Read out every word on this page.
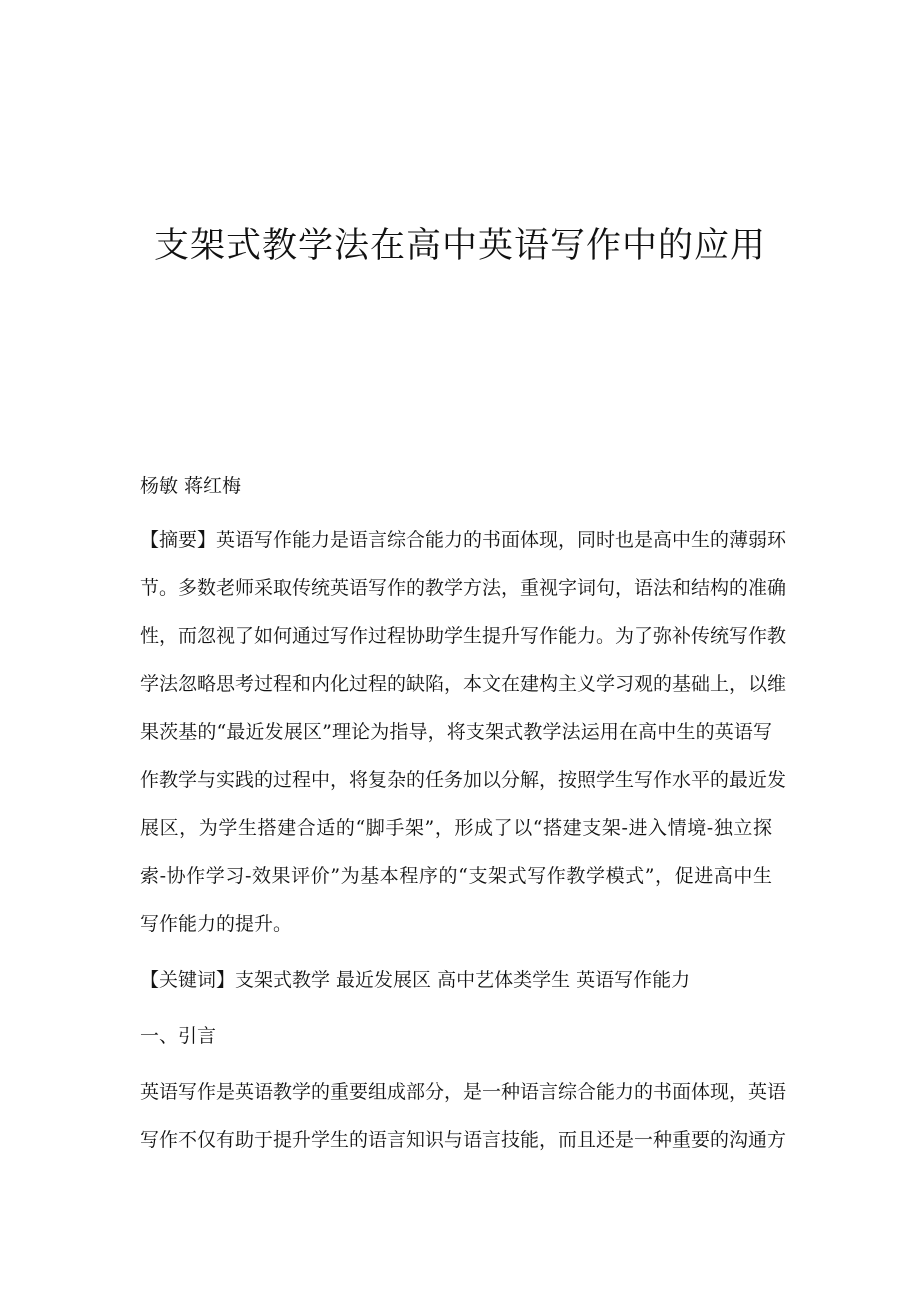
支架式教学法在高中英语写作中的应用
杨敏 蒋红梅
【摘要】英语写作能力是语言综合能力的书面体现，同时也是高中生的薄弱环
节。多数老师采取传统英语写作的教学方法，重视字词句，语法和结构的准确
性，而忽视了如何通过写作过程协助学生提升写作能力。为了弥补传统写作教
学法忽略思考过程和内化过程的缺陷，本文在建构主义学习观的基础上，以维
果茨基的“最近发展区”理论为指导，将支架式教学法运用在高中生的英语写
作教学与实践的过程中，将复杂的任务加以分解，按照学生写作水平的最近发
展区，为学生搭建合适的“脚手架”，形成了以“搭建支架-进入情境-独立探
索-协作学习-效果评价”为基本程序的“支架式写作教学模式”，促进高中生
写作能力的提升。
【关键词】支架式教学 最近发展区 高中艺体类学生 英语写作能力
一、引言
英语写作是英语教学的重要组成部分，是一种语言综合能力的书面体现，英语
写作不仅有助于提升学生的语言知识与语言技能，而且还是一种重要的沟通方
